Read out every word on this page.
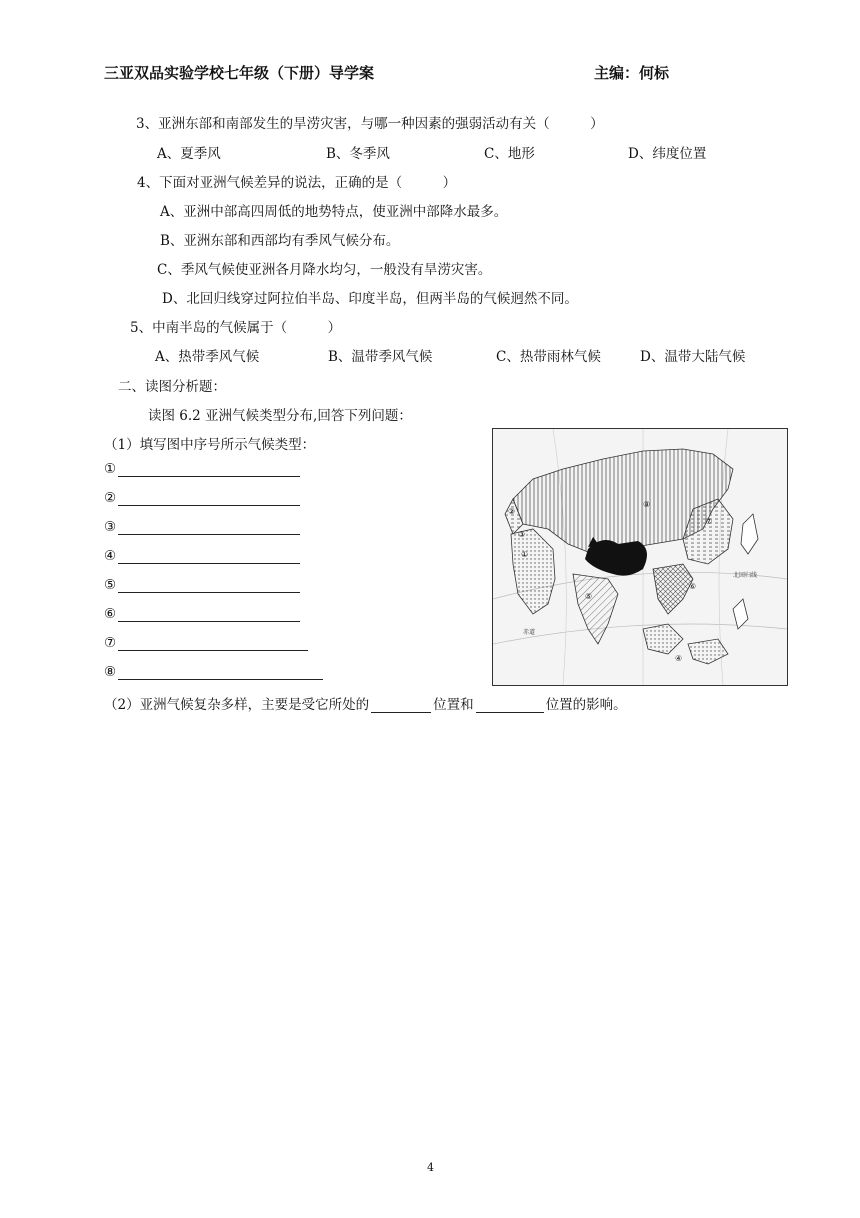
三亚双品实验学校七年级（下册）导学案	主编：何标
3、亚洲东部和南部发生的旱涝灾害，与哪一种因素的强弱活动有关（　　　）
A、夏季风	B、冬季风	C、地形	D、纬度位置
4、下面对亚洲气候差异的说法，正确的是（　　　）
A、亚洲中部高四周低的地势特点，使亚洲中部降水最多。
B、亚洲东部和西部均有季风气候分布。
C、季风气候使亚洲各月降水均匀，一般没有旱涝灾害。
D、北回归线穿过阿拉伯半岛、印度半岛，但两半岛的气候迥然不同。
5、中南半岛的气候属于（　　　）
A、热带季风气候	B、温带季风气候	C、热带雨林气候	D、温带大陆气候
二、读图分析题：
读图 6.2 亚洲气候类型分布,回答下列问题：
（1）填写图中序号所示气候类型：
①
②
③
④
⑤
⑥
⑦
⑧
①
②
③
④
⑤
⑥
⑦
⑧
北回归线
赤道
（2）亚洲气候复杂多样，主要是受它所处的	位置和	位置的影响。
4
